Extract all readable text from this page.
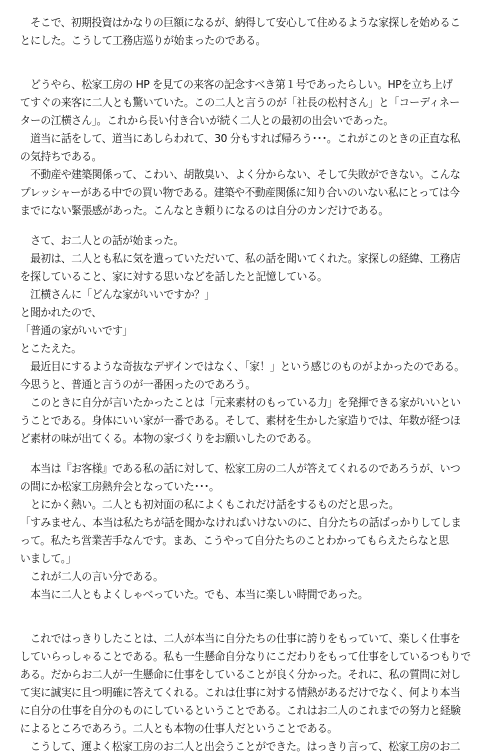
　そこで、初期投資はかなりの巨額になるが、納得して安心して住めるような家探しを始めるこ
とにした。こうして工務店巡りが始まったのである。
　どうやら、松家工房の HP を見ての来客の記念すべき第１号であったらしい。HPを立ち上げ
てすぐの来客に二人とも驚いていた。この二人と言うのが「社長の松村さん」と「コーディネー
ターの江横さん」。これから長い付き合いが続く二人との最初の出会いであった。
　道当に話をして、道当にあしらわれて、30 分もすれば帰ろう･･･。これがこのときの正直な私
の気持ちである。
　不動産や建築関係って、こわい、胡散臭い、よく分からない、そして失敗ができない。こんな
プレッシャーがある中での買い物である。建築や不動産関係に知り合いのいない私にとっては今
までにない緊張感があった。こんなとき頼りになるのは自分のカンだけである。
　さて、お二人との話が始まった。
　最初は、二人とも私に気を遣っていただいて、私の話を聞いてくれた。家探しの経緯、工務店
を探していること、家に対する思いなどを話したと記憶している。
　江横さんに「どんな家がいいですか？」
と聞かれたので、
「普通の家がいいです」
とこたえた。
　最近目にするような奇抜なデザインではなく、「家！」という感じのものがよかったのである。
今思うと、普通と言うのが一番困ったのであろう。
　このときに自分が言いたかったことは「元来素材のもっている力」を発揮できる家がいいとい
うことである。身体にいい家が一番である。そして、素材を生かした家造りでは、年数が経つほ
ど素材の味が出てくる。本物の家づくりをお願いしたのである。
　本当は『お客様』である私の話に対して、松家工房の二人が答えてくれるのであろうが、いつ
の間にか松家工房熱弁会となっていた･･･。
　とにかく熱い。二人とも初対面の私によくもこれだけ話をするものだと思った。
「すみません、本当は私たちが話を聞かなければいけないのに、自分たちの話ばっかりしてしま
って。私たち営業苦手なんです。まあ、こうやって自分たちのことわかってもらえたらなと思
いまして。」
　これが二人の言い分である。
　本当に二人ともよくしゃべっていた。でも、本当に楽しい時間であった。
　これではっきりしたことは、二人が本当に自分たちの仕事に誇りをもっていて、楽しく仕事を
していらっしゃることである。私も一生懸命自分なりにこだわりをもって仕事をしているつもりで
ある。だからお二人が一生懸命に仕事をしていることが良く分かった。それに、私の質問に対し
て実に誠実に且つ明確に答えてくれる。これは仕事に対する情熱があるだけでなく、何より本当
に自分の仕事を自分のものにしているということである。これはお二人のこれまでの努力と経験
によるところであろう。二人とも本物の仕事人だということである。
　こうして、運よく松家工房のお二人と出会うことができた。はっきり言って、松家工房のお二
